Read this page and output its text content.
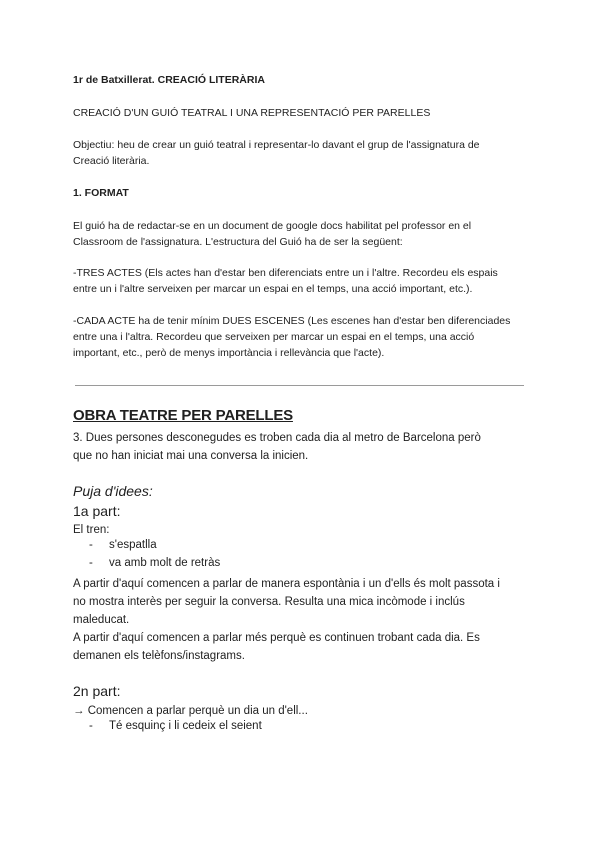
1r de Batxillerat. CREACIÓ LITERÀRIA
CREACIÓ D'UN GUIÓ TEATRAL I UNA REPRESENTACIÓ PER PARELLES
Objectiu: heu de crear un guió teatral i representar-lo davant el grup de l'assignatura de
Creació literària.
1. FORMAT
El guió ha de redactar-se en un document de google docs habilitat pel professor en el
Classroom de l'assignatura. L'estructura del Guió ha de ser la següent:
-TRES ACTES (Els actes han d'estar ben diferenciats entre un i l'altre. Recordeu els espais
entre un i l'altre serveixen per marcar un espai en el temps, una acció important, etc.).
-CADA ACTE ha de tenir mínim DUES ESCENES (Les escenes han d'estar ben diferenciades
entre una i l'altra. Recordeu que serveixen per marcar un espai en el temps, una acció
important, etc., però de menys importància i rellevància que l'acte).
OBRA TEATRE PER PARELLES
3. Dues persones desconegudes es troben cada dia al metro de Barcelona però
que no han iniciat mai una conversa la inicien.
Puja d'idees:
1a part:
El tren:
- s'espatlla
- va amb molt de retràs
A partir d'aquí comencen a parlar de manera espontània i un d'ells és molt passota i
no mostra interès per seguir la conversa. Resulta una mica incòmode i inclús
maleducat.
A partir d'aquí comencen a parlar més perquè es continuen trobant cada dia. Es
demanen els telèfons/instagrams.
2n part:
→ Comencen a parlar perquè un dia un d'ell...
- Té esquinç i li cedeix el seient
